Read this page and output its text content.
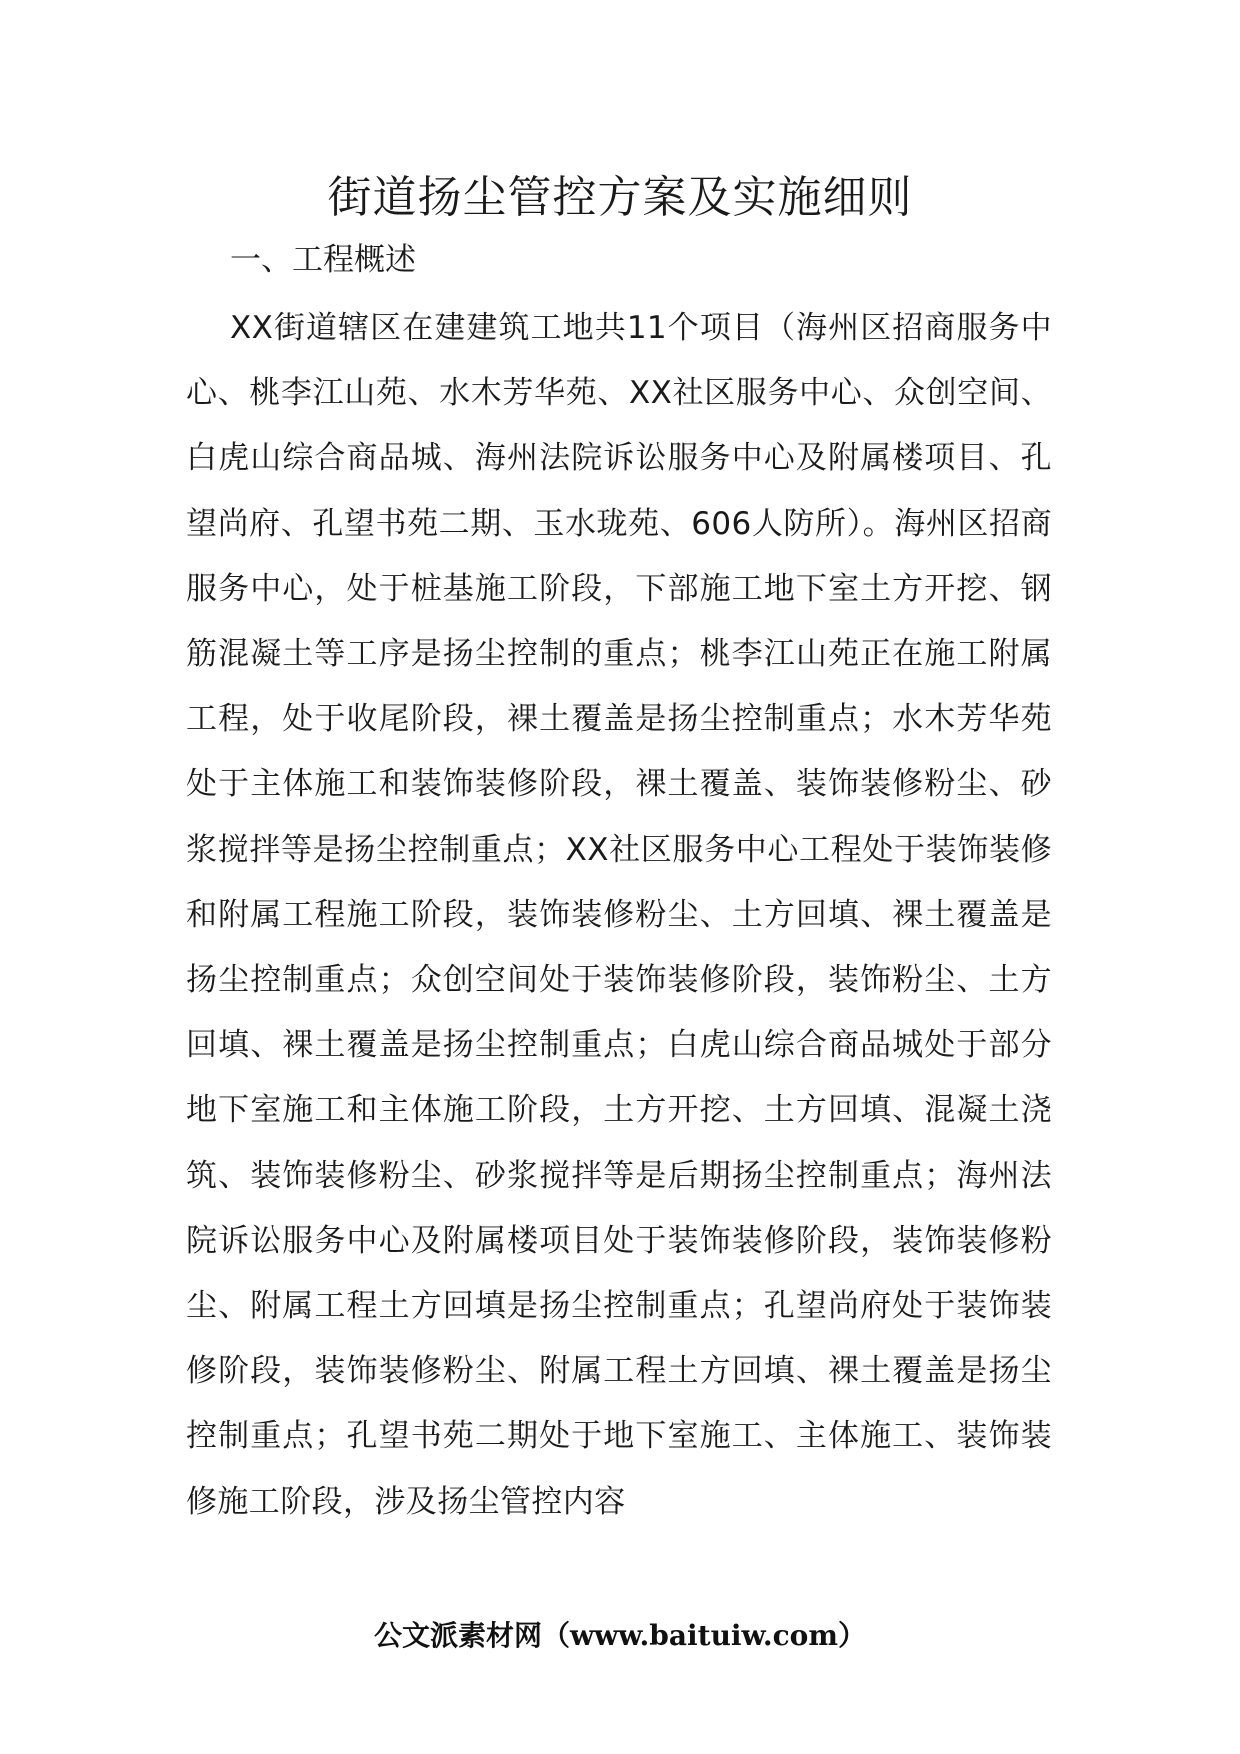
街道扬尘管控方案及实施细则
一、工程概述

XX街道辖区在建建筑工地共11个项目（海州区招商服务中心、桃李江山苑、水木芳华苑、XX社区服务中心、众创空间、白虎山综合商品城、海州法院诉讼服务中心及附属楼项目、孔望尚府、孔望书苑二期、玉水珑苑、606人防所）。海州区招商服务中心，处于桩基施工阶段，下部施工地下室土方开挖、钢筋混凝土等工序是扬尘控制的重点；桃李江山苑正在施工附属工程，处于收尾阶段，裸土覆盖是扬尘控制重点；水木芳华苑处于主体施工和装饰装修阶段，裸土覆盖、装饰装修粉尘、砂浆搅拌等是扬尘控制重点；XX社区服务中心工程处于装饰装修和附属工程施工阶段，装饰装修粉尘、土方回填、裸土覆盖是扬尘控制重点；众创空间处于装饰装修阶段，装饰粉尘、土方回填、裸土覆盖是扬尘控制重点；白虎山综合商品城处于部分地下室施工和主体施工阶段，土方开挖、土方回填、混凝土浇筑、装饰装修粉尘、砂浆搅拌等是后期扬尘控制重点；海州法院诉讼服务中心及附属楼项目处于装饰装修阶段，装饰装修粉尘、附属工程土方回填是扬尘控制重点；孔望尚府处于装饰装修阶段，装饰装修粉尘、附属工程土方回填、裸土覆盖是扬尘控制重点；孔望书苑二期处于地下室施工、主体施工、装饰装修施工阶段，涉及扬尘管控内容

公文派素材网（www.baituiw.com）
